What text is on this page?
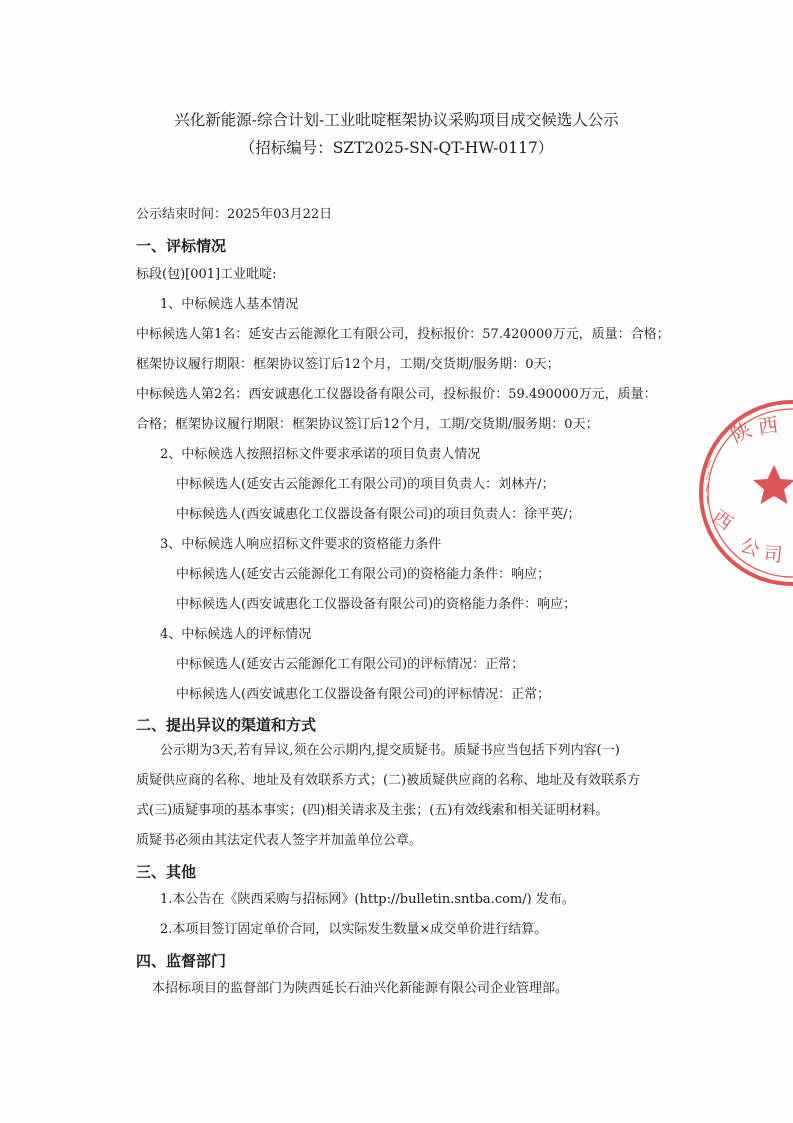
兴化新能源-综合计划-工业吡啶框架协议采购项目成交候选人公示
（招标编号：SZT2025-SN-QT-HW-0117）
公示结束时间：2025年03月22日
一、评标情况
标段(包)[001]工业吡啶:
1、中标候选人基本情况
中标候选人第1名：延安古云能源化工有限公司，投标报价：57.420000万元，质量：合格；
框架协议履行期限：框架协议签订后12个月，工期/交货期/服务期：0天；
中标候选人第2名：西安诚惠化工仪器设备有限公司，投标报价：59.490000万元，质量：
合格；框架协议履行期限：框架协议签订后12个月，工期/交货期/服务期：0天；
2、中标候选人按照招标文件要求承诺的项目负责人情况
中标候选人(延安古云能源化工有限公司)的项目负责人：刘林卉/；
中标候选人(西安诚惠化工仪器设备有限公司)的项目负责人：徐平英/；
3、中标候选人响应招标文件要求的资格能力条件
中标候选人(延安古云能源化工有限公司)的资格能力条件：响应；
中标候选人(西安诚惠化工仪器设备有限公司)的资格能力条件：响应；
4、中标候选人的评标情况
中标候选人(延安古云能源化工有限公司)的评标情况：正常；
中标候选人(西安诚惠化工仪器设备有限公司)的评标情况：正常；
二、提出异议的渠道和方式
公示期为3天,若有异议,须在公示期内,提交质疑书。质疑书应当包括下列内容(一)
质疑供应商的名称、地址及有效联系方式；(二)被质疑供应商的名称、地址及有效联系方
式(三)质疑事项的基本事实；(四)相关请求及主张；(五)有效线索和相关证明材料。
质疑书必须由其法定代表人签字并加盖单位公章。
三、其他
1.本公告在《陕西采购与招标网》(http://bulletin.sntba.com/) 发布。
2.本项目签订固定单价合同，以实际发生数量×成交单价进行结算。
四、监督部门
本招标项目的监督部门为陕西延长石油兴化新能源有限公司企业管理部。
陕 西
西
公 司
